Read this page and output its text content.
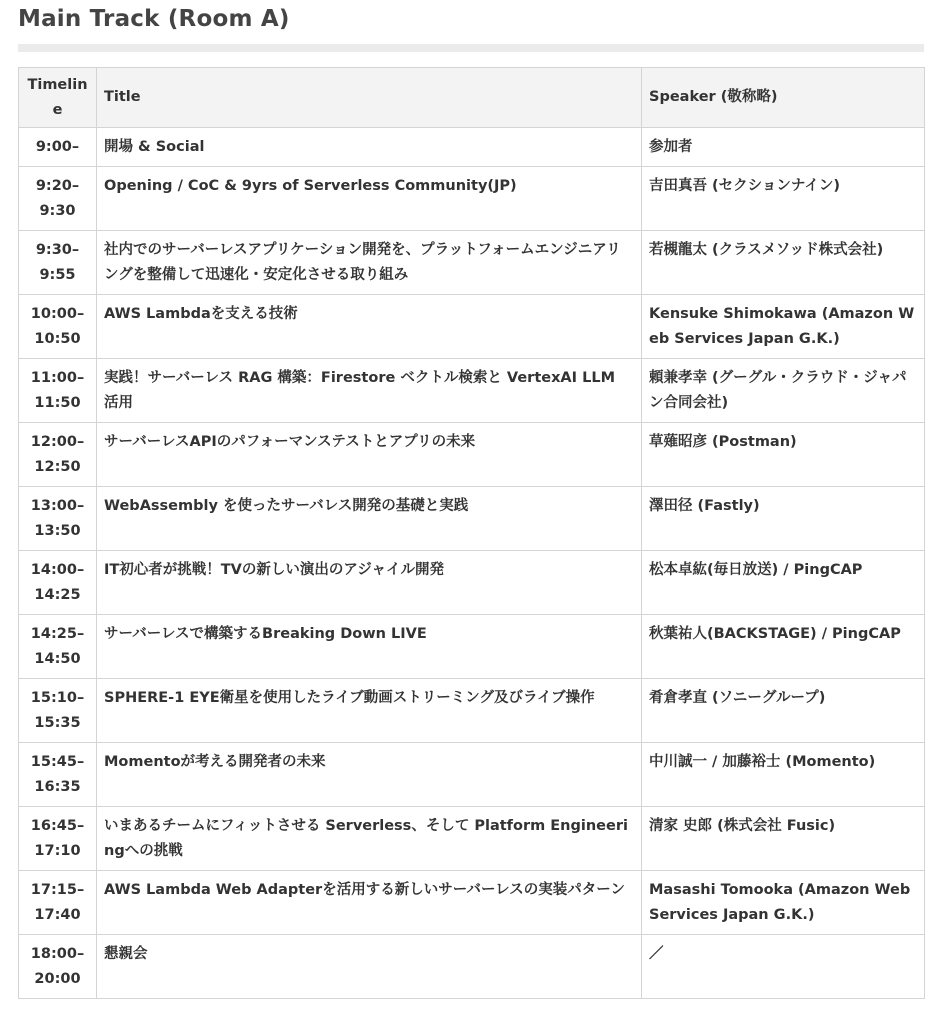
Main Track (Room A)
Timeline	Title	Speaker (敬称略)

9:00–	開場 & Social	参加者

9:20–
9:30	Opening / CoC & 9yrs of Serverless Community(JP)	吉田真吾 (セクションナイン)

9:30–
9:55	社内でのサーバーレスアプリケーション開発を、プラットフォームエンジニアリングを整備して迅速化・安定化させる取り組み	若槻龍太 (クラスメソッド株式会社)

10:00–
10:50	AWS Lambdaを支える技術	Kensuke Shimokawa (Amazon Web Services Japan G.K.)

11:00–
11:50	実践！サーバーレス RAG 構築：Firestore ベクトル検索と VertexAI LLM 活用	頼兼孝幸 (グーグル・クラウド・ジャパン合同会社)

12:00–
12:50	サーバーレスAPIのパフォーマンステストとアプリの未来	草薙昭彦 (Postman)

13:00–
13:50	WebAssembly を使ったサーバレス開発の基礎と実践	澤田径 (Fastly)

14:00–
14:25	IT初心者が挑戦！TVの新しい演出のアジャイル開発	松本卓紘(毎日放送) / PingCAP

14:25–
14:50	サーバーレスで構築するBreaking Down LIVE	秋葉祐人(BACKSTAGE) / PingCAP

15:10–
15:35	SPHERE-1 EYE衛星を使用したライブ動画ストリーミング及びライブ操作	肴倉孝直 (ソニーグループ)

15:45–
16:35	Momentoが考える開発者の未来	中川誠一 / 加藤裕士 (Momento)

16:45–
17:10	いまあるチームにフィットさせる Serverless、そして Platform Engineeringへの挑戦	清家 史郎 (株式会社 Fusic)

17:15–
17:40	AWS Lambda Web Adapterを活用する新しいサーバーレスの実装パターン	Masashi Tomooka (Amazon Web Services Japan G.K.)

18:00–
20:00	懇親会	／
